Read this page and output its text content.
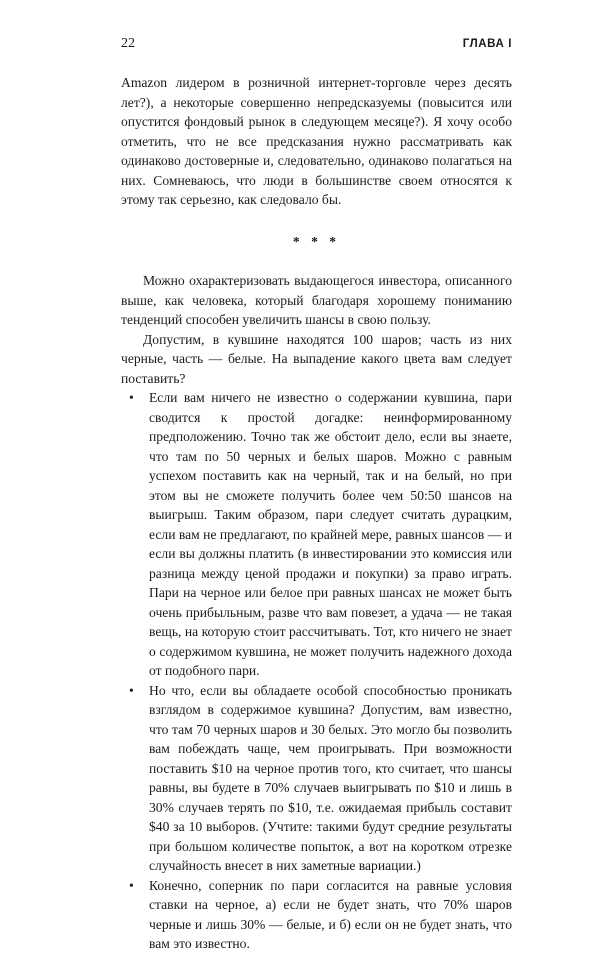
22	ГЛАВА I

Amazon лидером в розничной интернет-торговле через десять лет?), а некоторые совершенно непредсказуемы (повысится или опустится фондовый рынок в следующем месяце?). Я хочу особо отметить, что не все предсказания нужно рассматривать как одинаково достоверные и, следовательно, одинаково полагаться на них. Сомневаюсь, что люди в большинстве своем относятся к этому так серьезно, как следовало бы.

* * *

Можно охарактеризовать выдающегося инвестора, описанного выше, как человека, который благодаря хорошему пониманию тенденций способен увеличить шансы в свою пользу.

Допустим, в кувшине находятся 100 шаров; часть из них черные, часть — белые. На выпадение какого цвета вам следует поставить?

• Если вам ничего не известно о содержании кувшина, пари сводится к простой догадке: неинформированному предположению. Точно так же обстоит дело, если вы знаете, что там по 50 черных и белых шаров. Можно с равным успехом поставить как на черный, так и на белый, но при этом вы не сможете получить более чем 50:50 шансов на выигрыш. Таким образом, пари следует считать дурацким, если вам не предлагают, по крайней мере, равных шансов — и если вы должны платить (в инвестировании это комиссия или разница между ценой продажи и покупки) за право играть. Пари на черное или белое при равных шансах не может быть очень прибыльным, разве что вам повезет, а удача — не такая вещь, на которую стоит рассчитывать. Тот, кто ничего не знает о содержимом кувшина, не может получить надежного дохода от подобного пари.
• Но что, если вы обладаете особой способностью проникать взглядом в содержимое кувшина? Допустим, вам известно, что там 70 черных шаров и 30 белых. Это могло бы позволить вам побеждать чаще, чем проигрывать. При возможности поставить $10 на черное против того, кто считает, что шансы равны, вы будете в 70% случаев выигрывать по $10 и лишь в 30% случаев терять по $10, т.е. ожидаемая прибыль составит $40 за 10 выборов. (Учтите: такими будут средние результаты при большом количестве попыток, а вот на коротком отрезке случайность внесет в них заметные вариации.)
• Конечно, соперник по пари согласится на равные условия ставки на черное, а) если не будет знать, что 70% шаров черные и лишь 30% — белые, и б) если он не будет знать, что вам это известно.
